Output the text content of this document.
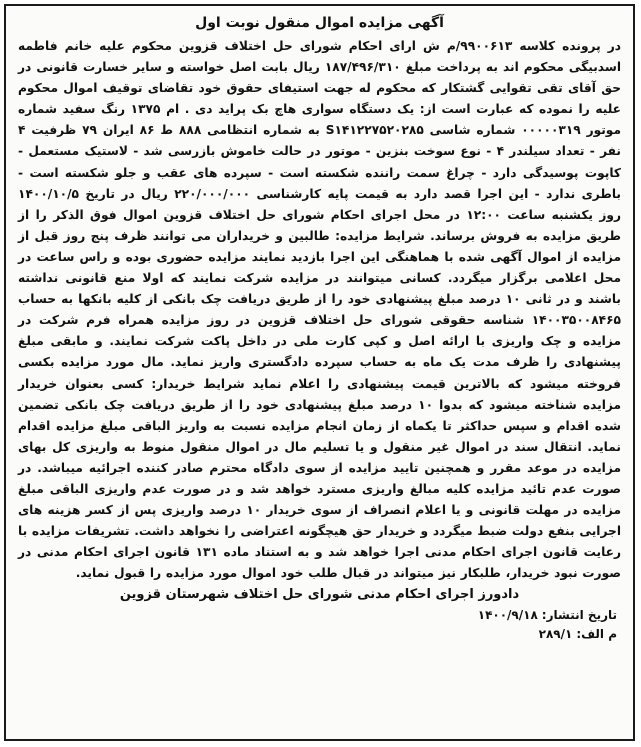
آگهی مزایده اموال منقول نوبت اول

در پرونده کلاسه ۹۹۰۰۶۱۳/م ش ارای احکام شورای حل اختلاف قزوین محکوم علیه خانم فاطمه اسدبیگی محکوم اند به پرداخت مبلغ ۱۸۷/۴۹۶/۳۱۰ ریال بابت اصل خواسته و سایر خسارت قانونی در حق آقای تقی تقوایی گشتکار که محکوم له جهت استیفای حقوق خود تقاضای توقیف اموال محکوم علیه را نموده که عبارت است از: یک دستگاه سواری هاچ بک پراید دی . ام ۱۳۷۵ رنگ سفید شماره موتور ۰۰۰۰۰۳۱۹ شماره شاسی S۱۴۱۲۲۷۵۲۰۲۸۵ به شماره انتظامی ۸۸۸ ط ۸۶ ایران ۷۹ ظرفیت ۴ نفر - تعداد سیلندر ۴ - نوع سوخت بنزین - موتور در حالت خاموش بازرسی شد - لاستیک مستعمل - کاپوت پوسیدگی دارد - چراغ سمت راننده شکسته است - سپرده های عقب و جلو شکسته است - باطری ندارد - این اجرا قصد دارد به قیمت پایه کارشناسی ۲۲۰/۰۰۰/۰۰۰ ریال در تاریخ ۱۴۰۰/۱۰/۵ روز یکشنبه ساعت ۱۲:۰۰ در محل اجرای احکام شورای حل اختلاف قزوین اموال فوق الذکر را از طریق مزایده به فروش برساند. شرایط مزایده: طالبین و خریداران می توانند ظرف پنج روز قبل از مزایده از اموال آگهی شده با هماهنگی این اجرا بازدید نمایند مزایده حضوری بوده و راس ساعت در محل اعلامی برگزار میگردد. کسانی میتوانند در مزایده شرکت نمایند که اولا منع قانونی نداشته باشند و در ثانی ۱۰ درصد مبلغ پیشنهادی خود را از طریق دریافت چک بانکی از کلیه بانکها به حساب ۱۴۰۰۳۵۰۰۸۴۶۵ شناسه حقوقی شورای حل اختلاف قزوین در روز مزایده همراه فرم شرکت در مزایده و چک واریزی با ارائه اصل و کپی کارت ملی در داخل پاکت شرکت نمایند. و مابقی مبلغ پیشنهادی را ظرف مدت یک ماه به حساب سپرده دادگستری واریز نماید. مال مورد مزایده بکسی فروخته میشود که بالاترین قیمت پیشنهادی را اعلام نماید شرایط خریدار: کسی بعنوان خریدار مزایده شناخته میشود که بدوا ۱۰ درصد مبلغ پیشنهادی خود را از طریق دریافت چک بانکی تضمین شده اقدام و سپس حداکثر تا یکماه از زمان انجام مزایده نسبت به واریز الباقی مبلغ مزایده اقدام نماید. انتقال سند در اموال غیر منقول و یا تسلیم مال در اموال منقول منوط به واریزی کل بهای مزایده در موعد مقرر و همچنین تایید مزایده از سوی دادگاه محترم صادر کننده اجرائیه میباشد. در صورت عدم تائید مزایده کلیه مبالغ واریزی مسترد خواهد شد و در صورت عدم واریزی الباقی مبلغ مزایده در مهلت قانونی و یا اعلام انصراف از سوی خریدار ۱۰ درصد واریزی پس از کسر هزینه های اجرایی بنفع دولت ضبط میگردد و خریدار حق هیچگونه اعتراضی را نخواهد داشت. تشریفات مزایده با رعایت قانون اجرای احکام مدنی اجرا خواهد شد و به استناد ماده ۱۳۱ قانون اجرای احکام مدنی در صورت نبود خریدار، طلبکار نیز میتواند در قبال طلب خود اموال مورد مزایده را قبول نماید.

دادورز اجرای احکام مدنی شورای حل اختلاف شهرستان قزوین
تاریخ انتشار:۱۴۰۰/۹/۱۸
م الف:۲۸۹/۱
